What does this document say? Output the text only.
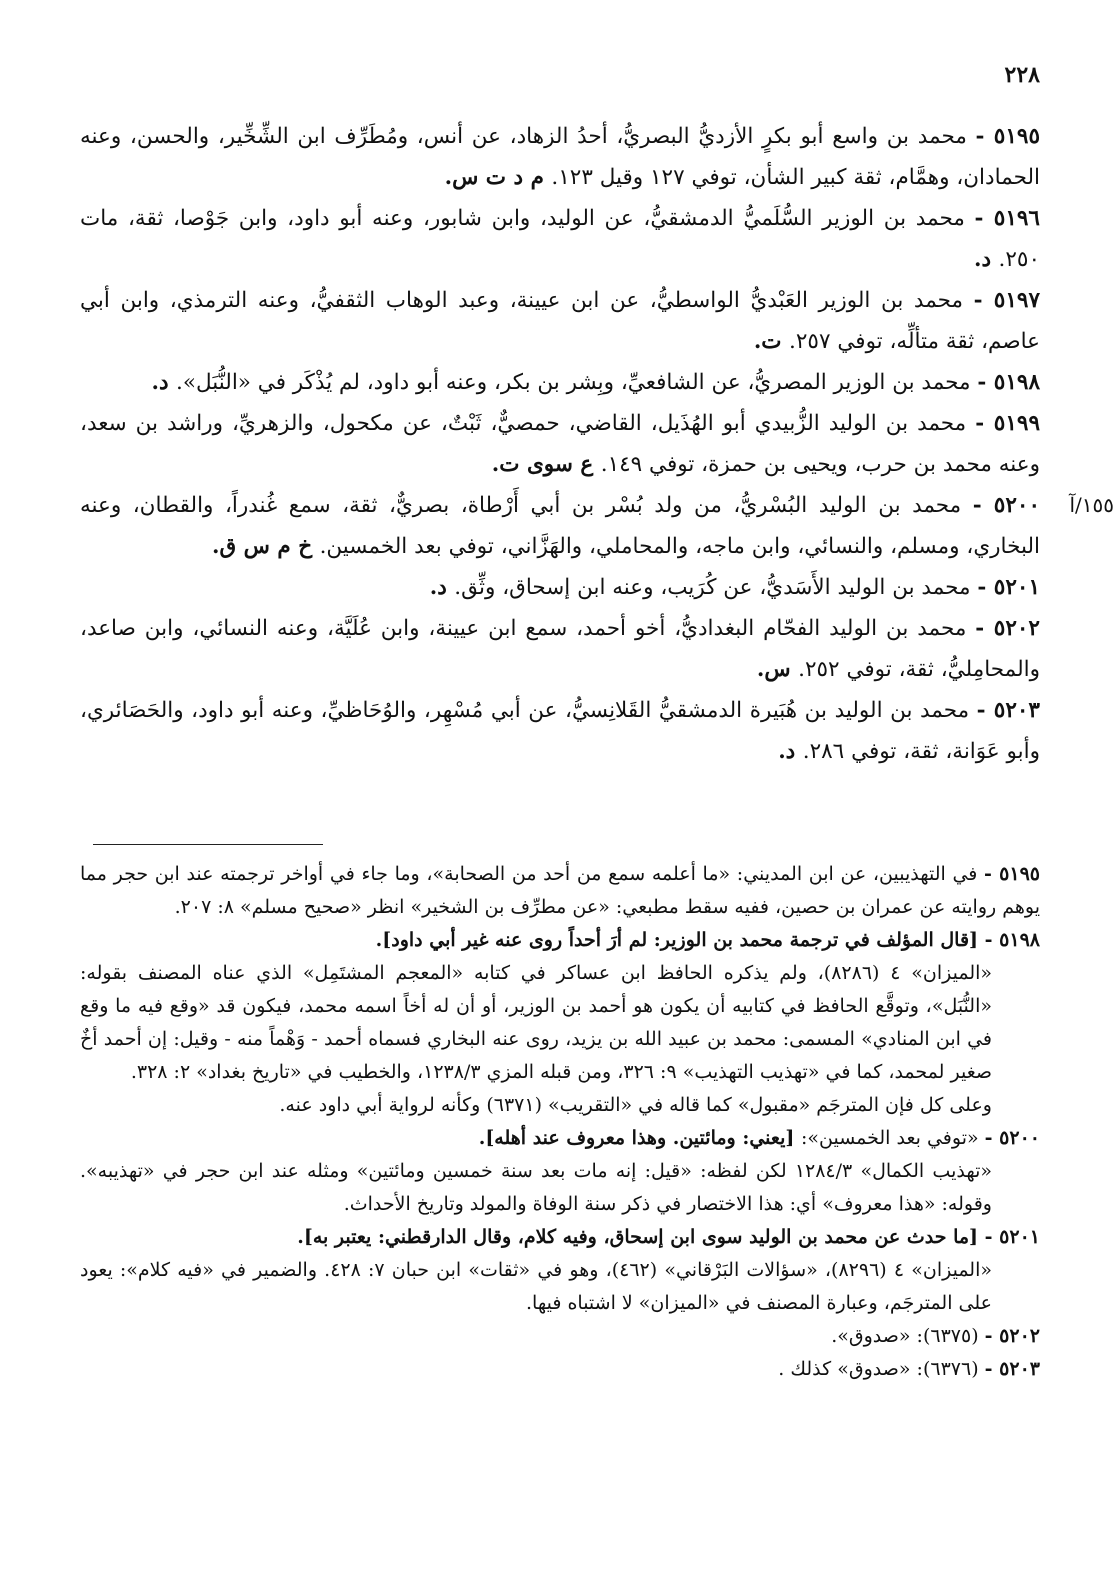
٢٢٨
٥١٩٥ - محمد بن واسع أبو بكرٍ الأزديُّ البصريُّ، أحدُ الزهاد، عن أنس، ومُطَرِّف ابن الشِّخِّير، والحسن، وعنه الحمادان، وهمَّام، ثقة كبير الشأن، توفي ١٢٧ وقيل ١٢٣. م د ت س.
٥١٩٦ - محمد بن الوزير السُّلَميُّ الدمشقيُّ، عن الوليد، وابن شابور، وعنه أبو داود، وابن جَوْصا، ثقة، مات ٢٥٠. د.
٥١٩٧ - محمد بن الوزير العَبْديُّ الواسطيُّ، عن ابن عيينة، وعبد الوهاب الثقفيُّ، وعنه الترمذي، وابن أبي عاصم، ثقة متألِّه، توفي ٢٥٧. ت.
٥١٩٨ - محمد بن الوزير المصريُّ، عن الشافعيِّ، وبِشر بن بكر، وعنه أبو داود، لم يُذْكَر في «النُّبَل». د.
٥١٩٩ - محمد بن الوليد الزُّبيدي أبو الهُذَيل، القاضي، حمصيٌّ، ثَبْتٌ، عن مكحول، والزهريِّ، وراشد بن سعد، وعنه محمد بن حرب، ويحيى بن حمزة، توفي ١٤٩. ع سوى ت.
١٥٥/آ
٥٢٠٠ - محمد بن الوليد البُسْريُّ، من ولد بُسْر بن أبي أَرْطاة، بصريٌّ، ثقة، سمع غُندراً، والقطان، وعنه البخاري، ومسلم، والنسائي، وابن ماجه، والمحاملي، والهَزَّاني، توفي بعد الخمسين. خ م س ق.
٥٢٠١ - محمد بن الوليد الأَسَديُّ، عن كُرَيب، وعنه ابن إسحاق، وثِّق. د.
٥٢٠٢ - محمد بن الوليد الفحّام البغداديُّ، أخو أحمد، سمع ابن عيينة، وابن عُلَيَّة، وعنه النسائي، وابن صاعد، والمحامِليُّ، ثقة، توفي ٢٥٢. س.
٥٢٠٣ - محمد بن الوليد بن هُبَيرة الدمشقيُّ القَلانِسيُّ، عن أبي مُسْهِر، والوُحَاظيِّ، وعنه أبو داود، والحَصَائري، وأبو عَوَانة، ثقة، توفي ٢٨٦. د.
٥١٩٥ - في التهذيبين، عن ابن المديني: «ما أعلمه سمع من أحد من الصحابة»، وما جاء في أواخر ترجمته عند ابن حجر مما يوهم روايته عن عمران بن حصين، ففيه سقط مطبعي: «عن مطرِّف بن الشخير» انظر «صحيح مسلم» ٨: ٢٠٧.
٥١٩٨ - [قال المؤلف في ترجمة محمد بن الوزير: لم أرَ أحداً روى عنه غير أبي داود].
«الميزان» ٤ (٨٢٨٦)، ولم يذكره الحافظ ابن عساكر في كتابه «المعجم المشتَمِل» الذي عناه المصنف بقوله: «النُّبَل»، وتوقَّع الحافظ في كتابيه أن يكون هو أحمد بن الوزير، أو أن له أخاً اسمه محمد، فيكون قد «وقع فيه ما وقع في ابن المنادي» المسمى: محمد بن عبيد الله بن يزيد، روى عنه البخاري فسماه أحمد - وَهْماً منه - وقيل: إن أحمد أخٌ صغير لمحمد، كما في «تهذيب التهذيب» ٩: ٣٢٦، ومن قبله المزي ١٢٣٨/٣، والخطيب في «تاريخ بغداد» ٢: ٣٢٨.
وعلى كل فإن المترجَم «مقبول» كما قاله في «التقريب» (٦٣٧١) وكأنه لرواية أبي داود عنه.
٥٢٠٠ - «توفي بعد الخمسين»: [يعني: ومائتين. وهذا معروف عند أهله].
«تهذيب الكمال» ١٢٨٤/٣ لكن لفظه: «قيل: إنه مات بعد سنة خمسين ومائتين» ومثله عند ابن حجر في «تهذيبه». وقوله: «هذا معروف» أي: هذا الاختصار في ذكر سنة الوفاة والمولد وتاريخ الأحداث.
٥٢٠١ - [ما حدث عن محمد بن الوليد سوى ابن إسحاق، وفيه كلام، وقال الدارقطني: يعتبر به].
«الميزان» ٤ (٨٢٩٦)، «سؤالات البَرْقاني» (٤٦٢)، وهو في «ثقات» ابن حبان ٧: ٤٢٨. والضمير في «فيه كلام»: يعود على المترجَم، وعبارة المصنف في «الميزان» لا اشتباه فيها.
٥٢٠٢ - (٦٣٧٥): «صدوق».
٥٢٠٣ - (٦٣٧٦): «صدوق» كذلك .
